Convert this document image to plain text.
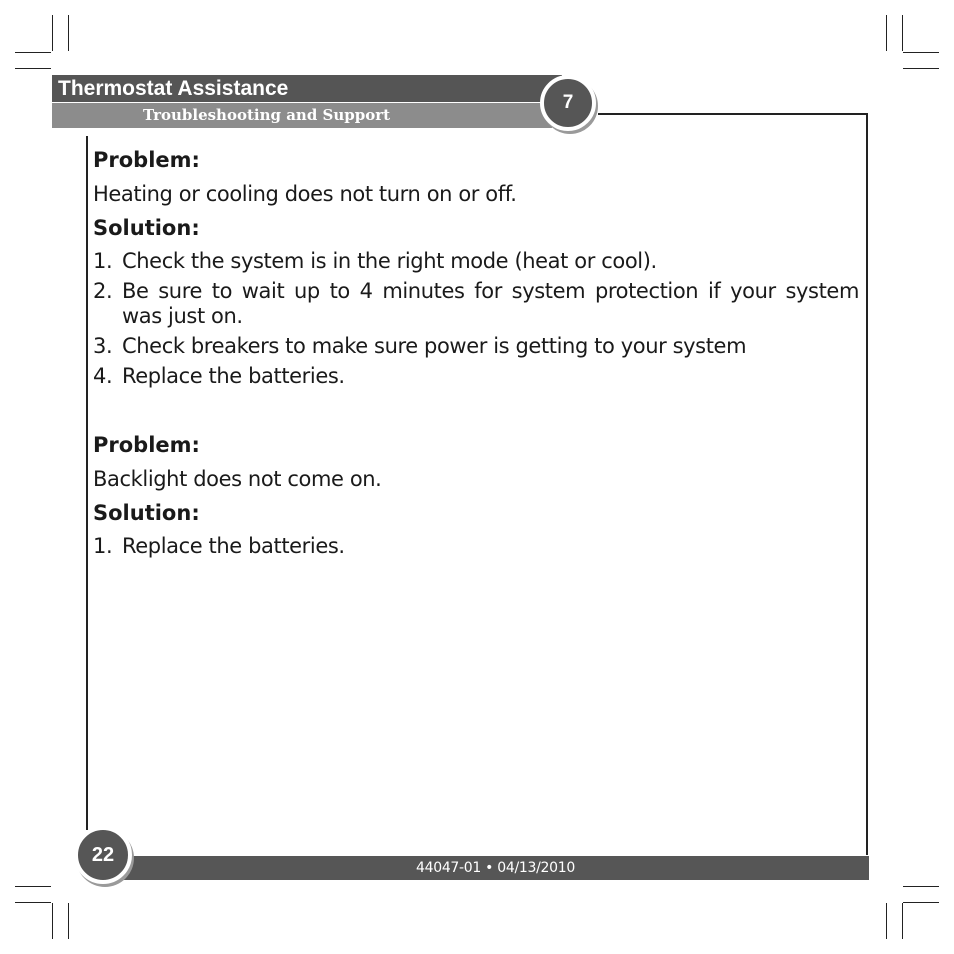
Thermostat Assistance
Troubleshooting and Support
7
Problem:
Heating or cooling does not turn on or off.
Solution:
1. Check the system is in the right mode (heat or cool).
2. Be sure to wait up to 4 minutes for system protection if your system was just on.
3. Check breakers to make sure power is getting to your system
4. Replace the batteries.
Problem:
Backlight does not come on.
Solution:
1. Replace the batteries.
44047-01 • 04/13/2010
22
